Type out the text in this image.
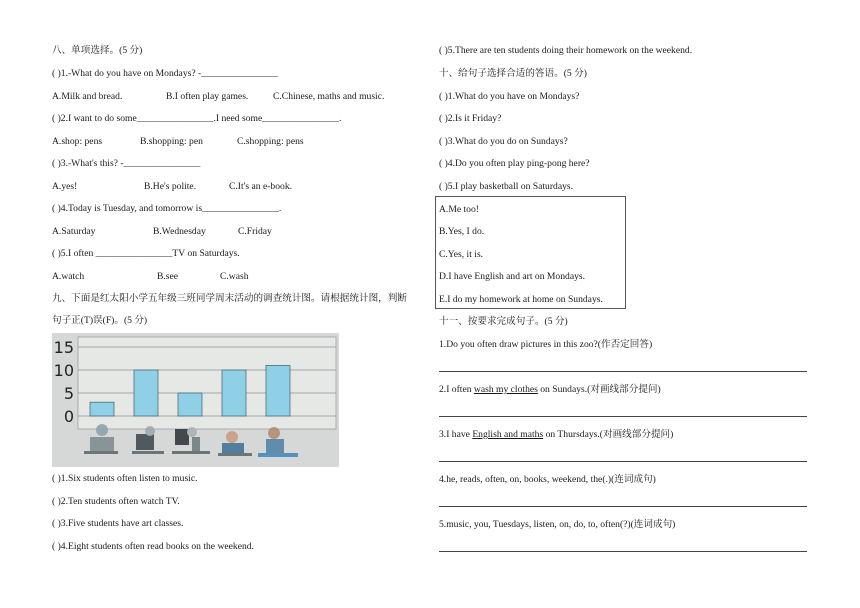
八、单项选择。(5 分)
( )1.-What do you have on Mondays? -________________
A.Milk and bread.	B.I often play games.	C.Chinese, maths and music.
( )2.I want to do some________________.I need some________________.
A.shop: pens	B.shopping: pen	C.shopping: pens
( )3.-What's this? -________________
A.yes!	B.He's polite.	C.It's an e-book.
( )4.Today is Tuesday, and tomorrow is________________.
A.Saturday	B.Wednesday	C.Friday
( )5.I often ________________TV on Saturdays.
A.watch	B.see	C.wash
九、下面是红太阳小学五年级三班同学周末活动的调查统计图。请根据统计图，判断
句子正(T)误(F)。(5 分)
15
10
5
0
( )1.Six students often listen to music.
( )2.Ten students often watch TV.
( )3.Five students have art classes.
( )4.Eight students often read books on the weekend.
( )5.There are ten students doing their homework on the weekend.
十、给句子选择合适的答语。(5 分)
( )1.What do you have on Mondays?
( )2.Is it Friday?
( )3.What do you do on Sundays?
( )4.Do you often play ping-pong here?
( )5.I play basketball on Saturdays.
A.Me too!
B.Yes, I do.
C.Yes, it is.
D.I have English and art on Mondays.
E.I do my homework at home on Sundays.
十一、按要求完成句子。(5 分)
1.Do you often draw pictures in this zoo?(作否定回答)
2.I often wash my clothes on Sundays.(对画线部分提问)
3.I have English and maths on Thursdays.(对画线部分提问)
4.he, reads, often, on, books, weekend, the(.)(连词成句)
5.music, you, Tuesdays, listen, on, do, to, often(?)(连词成句)
